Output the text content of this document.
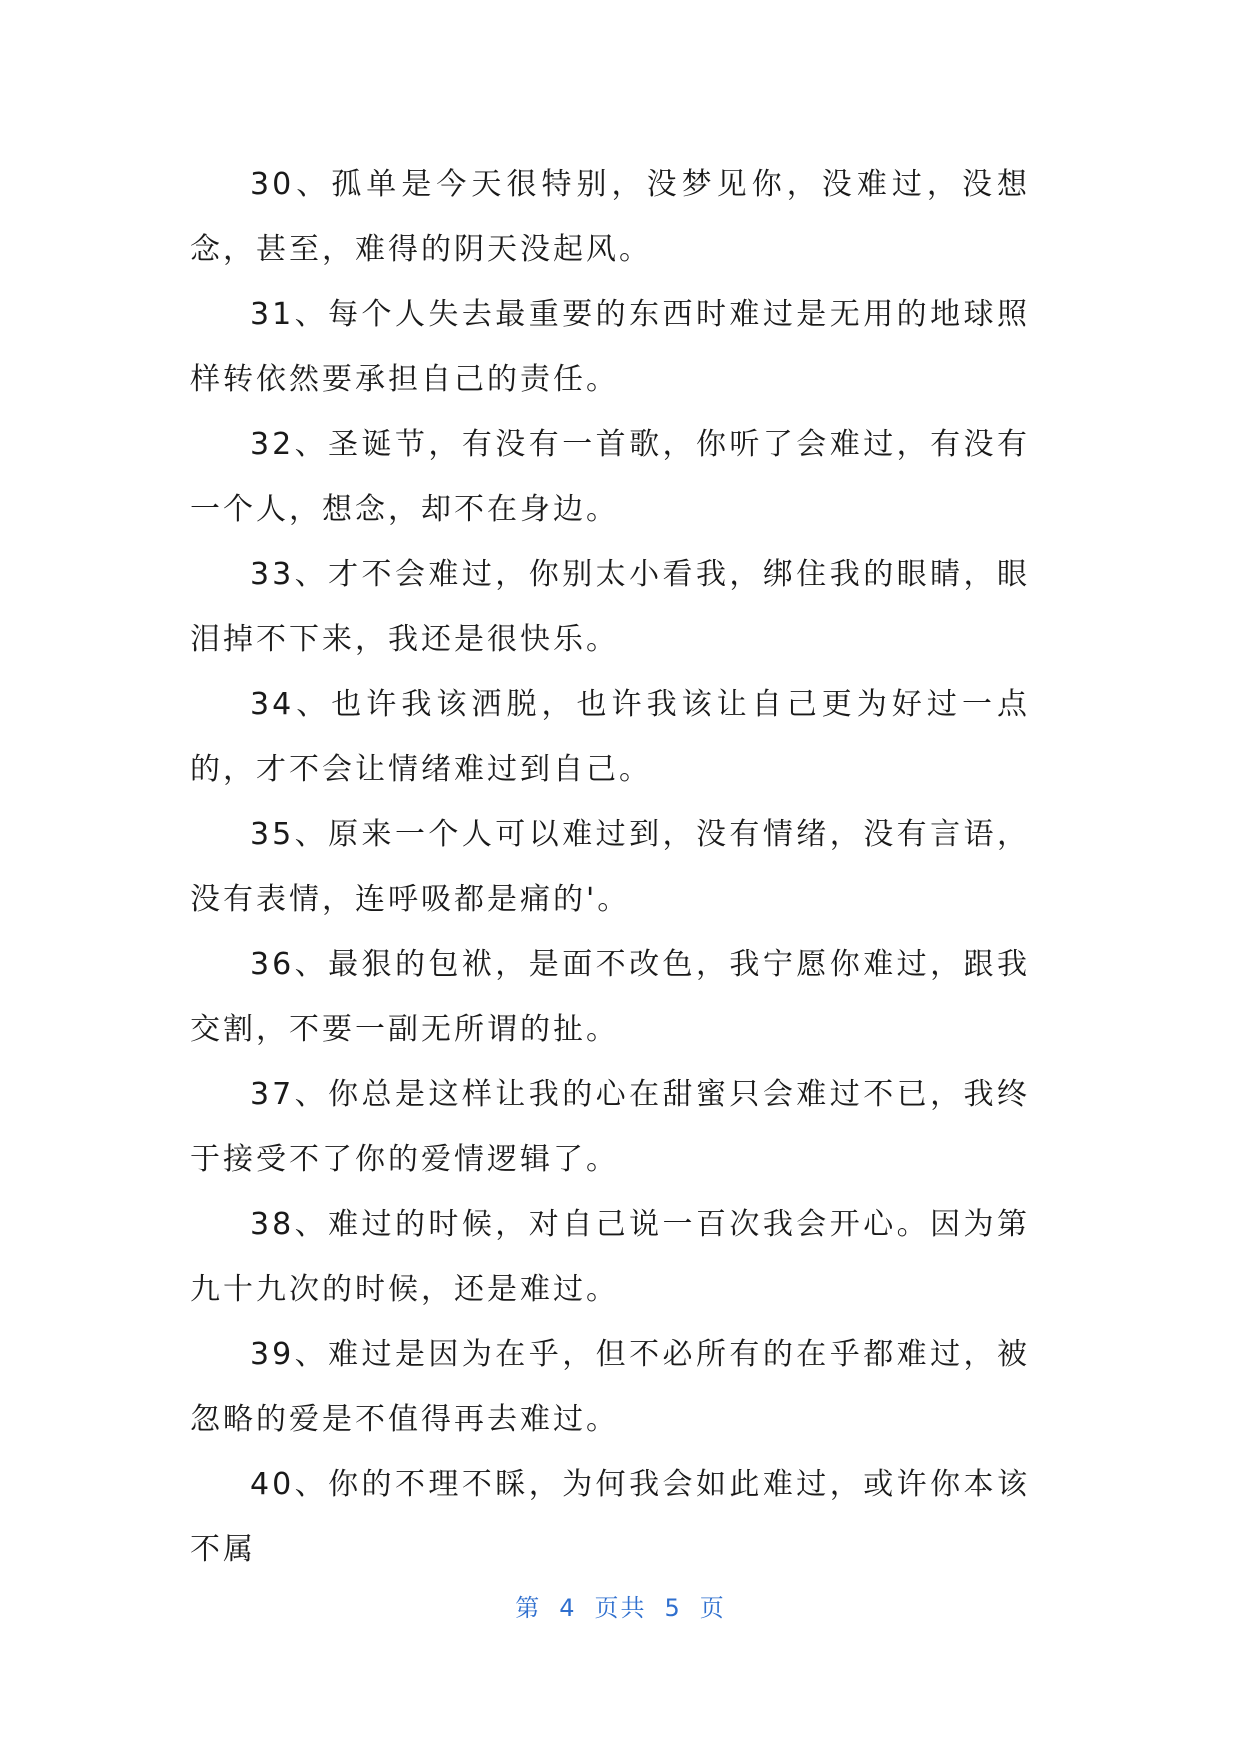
30、孤单是今天很特别，没梦见你，没难过，没想念，甚至，难得的阴天没起风。

31、每个人失去最重要的东西时难过是无用的地球照样转依然要承担自己的责任。

32、圣诞节，有没有一首歌，你听了会难过，有没有一个人，想念，却不在身边。

33、才不会难过，你别太小看我，绑住我的眼睛，眼泪掉不下来，我还是很快乐。

34、也许我该洒脱，也许我该让自己更为好过一点的，才不会让情绪难过到自己。

35、原来一个人可以难过到，没有情绪，没有言语，没有表情，连呼吸都是痛的'。

36、最狠的包袱，是面不改色，我宁愿你难过，跟我交割，不要一副无所谓的扯。

37、你总是这样让我的心在甜蜜只会难过不已，我终于接受不了你的爱情逻辑了。

38、难过的时候，对自己说一百次我会开心。因为第九十九次的时候，还是难过。

39、难过是因为在乎，但不必所有的在乎都难过，被忽略的爱是不值得再去难过。

40、你的不理不睬，为何我会如此难过，或许你本该不属

第 4 页共 5 页
